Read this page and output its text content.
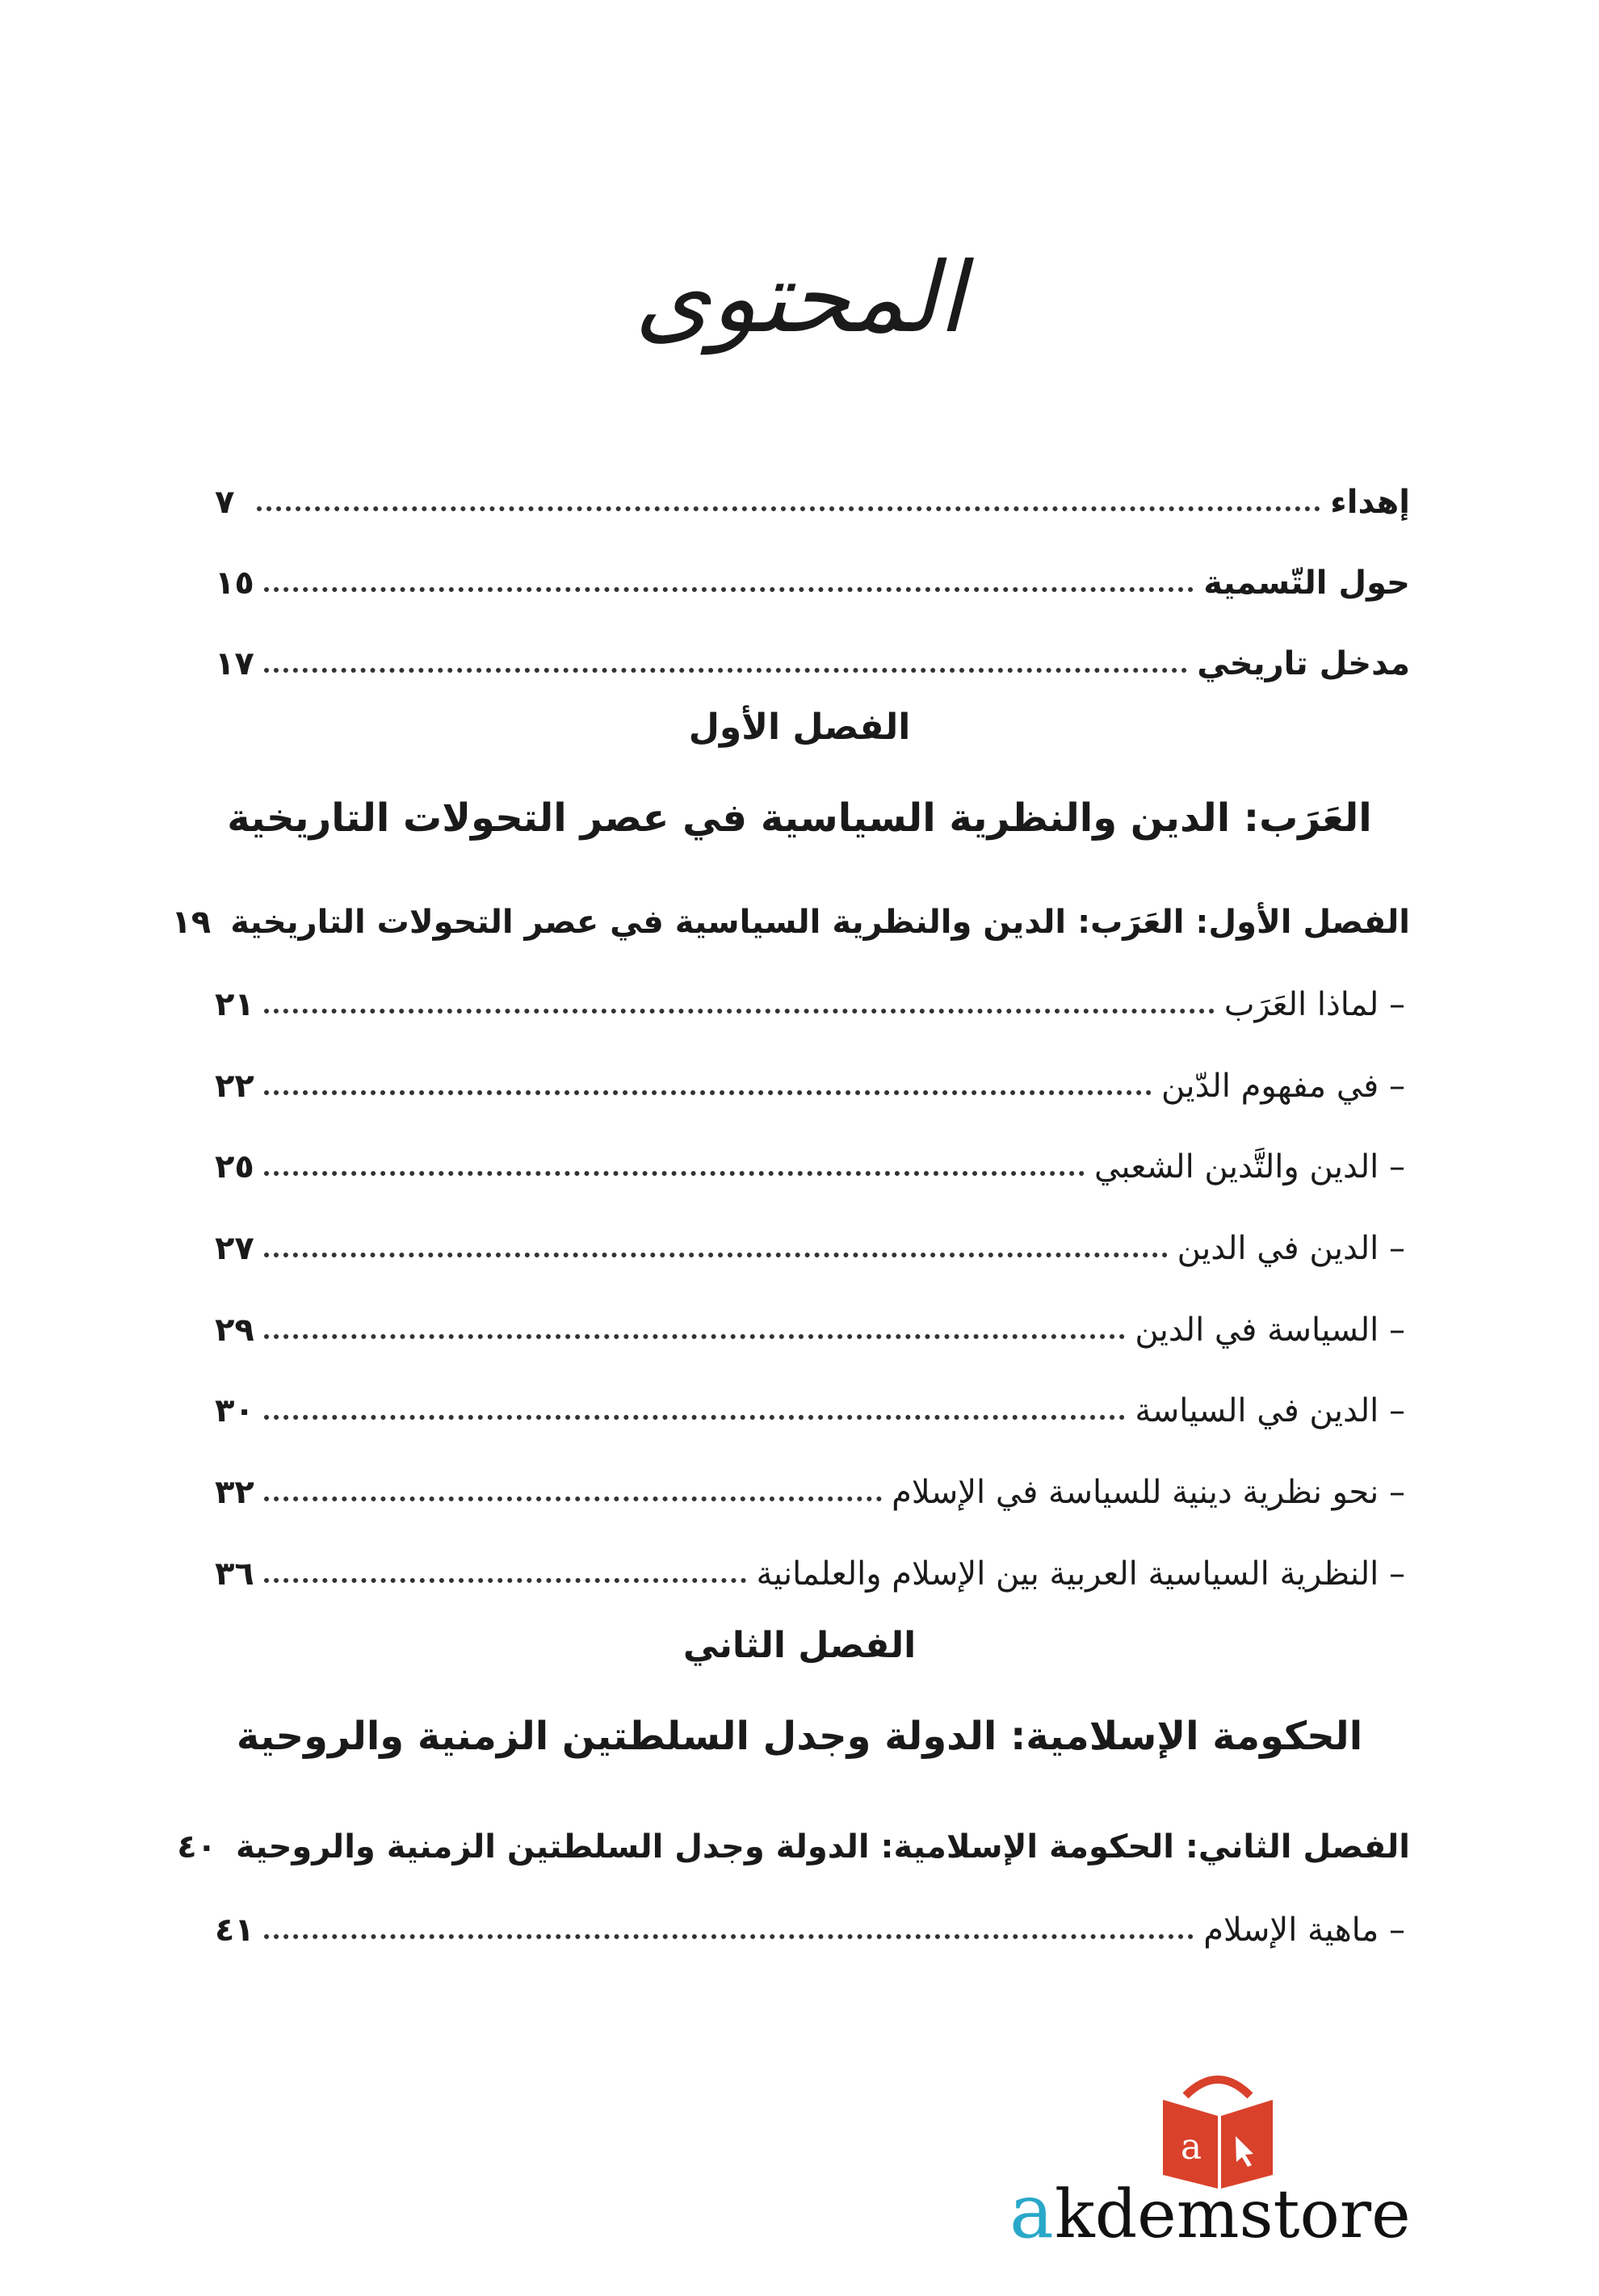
المحتوى
إهداء
٧
حول التّسمية
١٥
مدخل تاريخي
١٧
الفصل الأول
العَرَب: الدين والنظرية السياسية في عصر التحولات التاريخية
الفصل الأول: العَرَب: الدين والنظرية السياسية في عصر التحولات التاريخية
١٩
– لماذا العَرَب
٢١
– في مفهوم الدّين
٢٢
– الدين والتَّدين الشعبي
٢٥
– الدين في الدين
٢٧
– السياسة في الدين
٢٩
– الدين في السياسة
٣٠
– نحو نظرية دينية للسياسة في الإسلام
٣٢
– النظرية السياسية العربية بين الإسلام والعلمانية
٣٦
الفصل الثاني
الحكومة الإسلامية: الدولة وجدل السلطتين الزمنية والروحية
الفصل الثاني: الحكومة الإسلامية: الدولة وجدل السلطتين الزمنية والروحية
٤٠
– ماهية الإسلام
٤١
a
a kdemstore
